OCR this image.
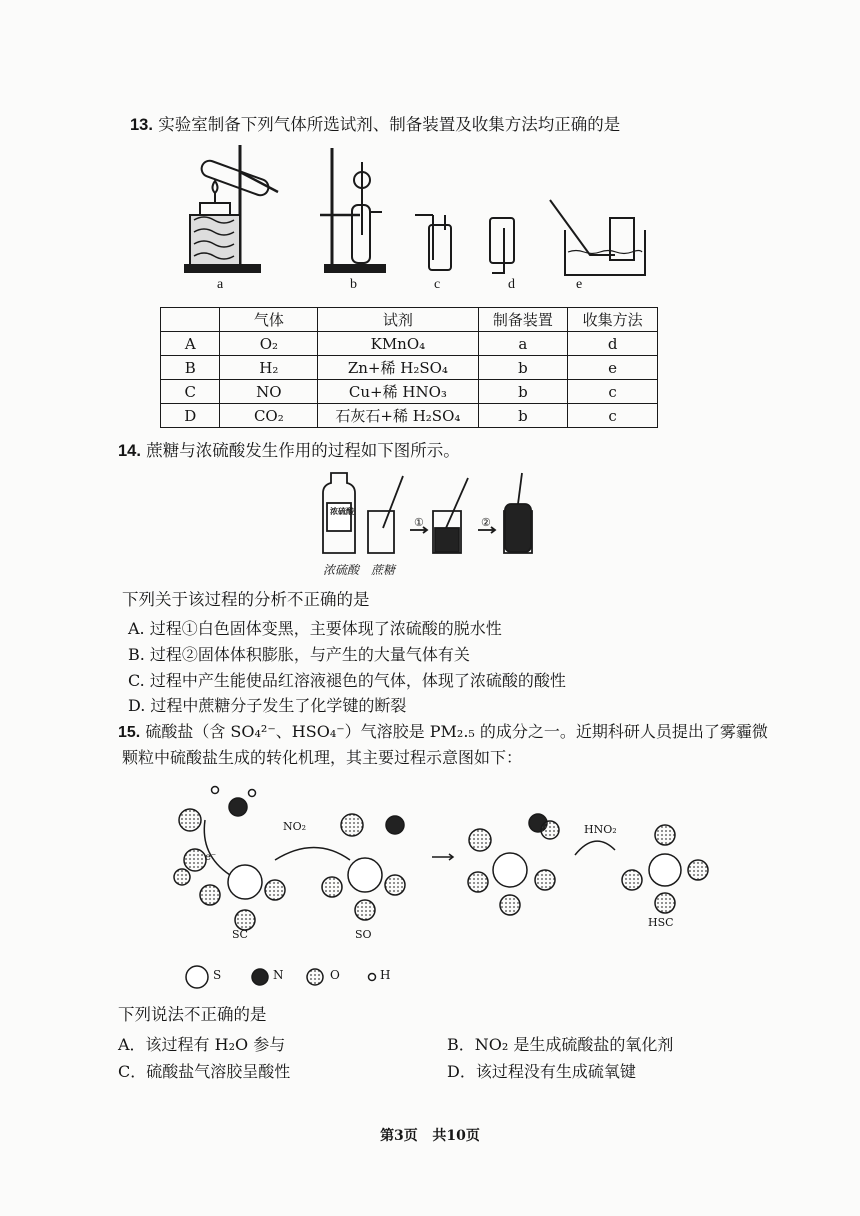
13. 实验室制备下列气体所选试剂、制备装置及收集方法均正确的是
a	b	c	d	e
	气体	试剂	制备装置	收集方法
A	O₂	KMnO₄	a	d
B	H₂	Zn+稀 H₂SO₄	b	e
C	NO	Cu+稀 HNO₃	b	c
D	CO₂	石灰石+稀 H₂SO₄	b	c
14. 蔗糖与浓硫酸发生作用的过程如下图所示。
浓硫酸
①	②
浓硫酸 蔗糖
下列关于该过程的分析不正确的是
A. 过程①白色固体变黑，主要体现了浓硫酸的脱水性
B. 过程②固体体积膨胀，与产生的大量气体有关
C. 过程中产生能使品红溶液褪色的气体，体现了浓硫酸的酸性
D. 过程中蔗糖分子发生了化学键的断裂
15. 硫酸盐（含 SO₄²⁻、HSO₄⁻）气溶胶是 PM₂.₅ 的成分之一。近期科研人员提出了雾霾微
颗粒中硫酸盐生成的转化机理，其主要过程示意图如下：
NO₂
e⁻
HNO₂
SC	SO
HSC
S	N	O	H
下列说法不正确的是
A．该过程有 H₂O 参与	B．NO₂ 是生成硫酸盐的氧化剂
C．硫酸盐气溶胶呈酸性	D．该过程没有生成硫氧键
第3页   共10页
